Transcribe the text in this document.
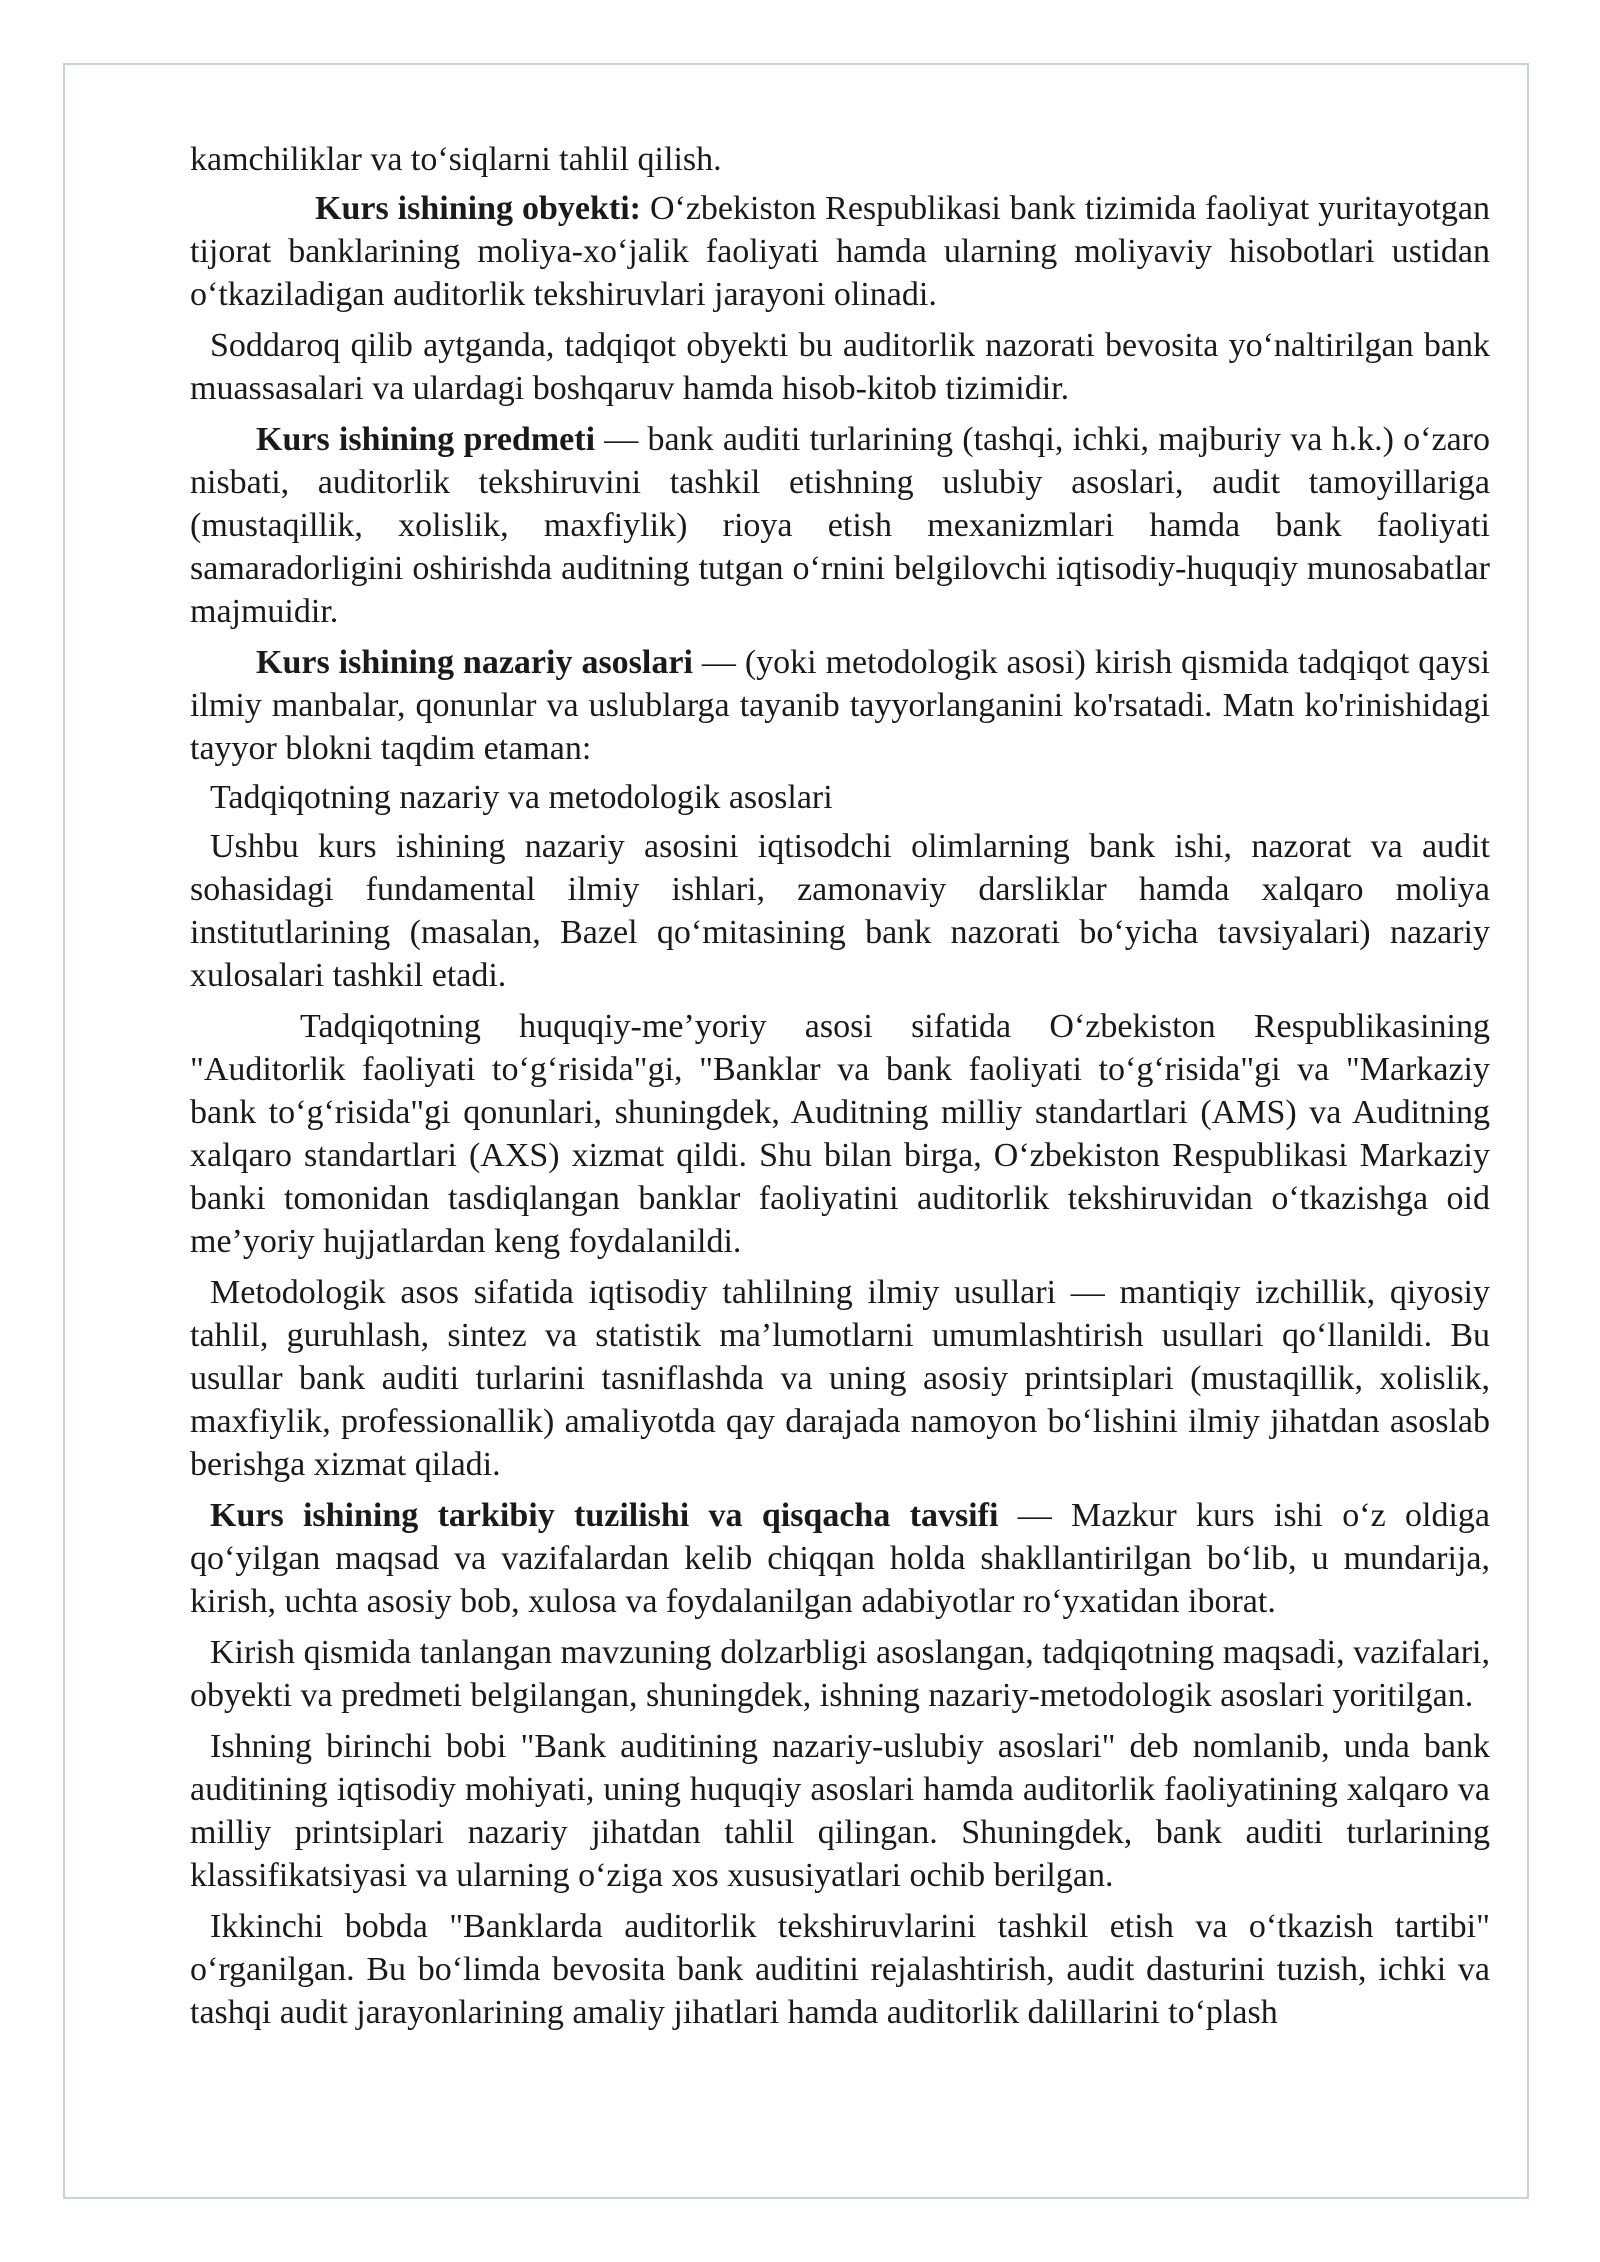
kamchiliklar va to‘siqlarni tahlil qilish.

Kurs ishining obyekti: O‘zbekiston Respublikasi bank tizimida faoliyat yuritayotgan tijorat banklarining moliya-xo‘jalik faoliyati hamda ularning moliyaviy hisobotlari ustidan o‘tkaziladigan auditorlik tekshiruvlari jarayoni olinadi.

Soddaroq qilib aytganda, tadqiqot obyekti bu auditorlik nazorati bevosita yo‘naltirilgan bank muassasalari va ulardagi boshqaruv hamda hisob-kitob tizimidir.

Kurs ishining predmeti — bank auditi turlarining (tashqi, ichki, majburiy va h.k.) o‘zaro nisbati, auditorlik tekshiruvini tashkil etishning uslubiy asoslari, audit tamoyillariga (mustaqillik, xolislik, maxfiylik) rioya etish mexanizmlari hamda bank faoliyati samaradorligini oshirishda auditning tutgan o‘rnini belgilovchi iqtisodiy-huquqiy munosabatlar majmuidir.

Kurs ishining nazariy asoslari — (yoki metodologik asosi) kirish qismida tadqiqot qaysi ilmiy manbalar, qonunlar va uslublarga tayanib tayyorlanganini ko'rsatadi. Matn ko'rinishidagi tayyor blokni taqdim etaman:

Tadqiqotning nazariy va metodologik asoslari

Ushbu kurs ishining nazariy asosini iqtisodchi olimlarning bank ishi, nazorat va audit sohasidagi fundamental ilmiy ishlari, zamonaviy darsliklar hamda xalqaro moliya institutlarining (masalan, Bazel qo‘mitasining bank nazorati bo‘yicha tavsiyalari) nazariy xulosalari tashkil etadi.

Tadqiqotning huquqiy-me’yoriy asosi sifatida O‘zbekiston Respublikasining "Auditorlik faoliyati to‘g‘risida"gi, "Banklar va bank faoliyati to‘g‘risida"gi va "Markaziy bank to‘g‘risida"gi qonunlari, shuningdek, Auditning milliy standartlari (AMS) va Auditning xalqaro standartlari (AXS) xizmat qildi. Shu bilan birga, O‘zbekiston Respublikasi Markaziy banki tomonidan tasdiqlangan banklar faoliyatini auditorlik tekshiruvidan o‘tkazishga oid me’yoriy hujjatlardan keng foydalanildi.

Metodologik asos sifatida iqtisodiy tahlilning ilmiy usullari — mantiqiy izchillik, qiyosiy tahlil, guruhlash, sintez va statistik ma’lumotlarni umumlashtirish usullari qo‘llanildi. Bu usullar bank auditi turlarini tasniflashda va uning asosiy printsiplari (mustaqillik, xolislik, maxfiylik, professionallik) amaliyotda qay darajada namoyon bo‘lishini ilmiy jihatdan asoslab berishga xizmat qiladi.

Kurs ishining tarkibiy tuzilishi va qisqacha tavsifi — Mazkur kurs ishi o‘z oldiga qo‘yilgan maqsad va vazifalardan kelib chiqqan holda shakllantirilgan bo‘lib, u mundarija, kirish, uchta asosiy bob, xulosa va foydalanilgan adabiyotlar ro‘yxatidan iborat.

Kirish qismida tanlangan mavzuning dolzarbligi asoslangan, tadqiqotning maqsadi, vazifalari, obyekti va predmeti belgilangan, shuningdek, ishning nazariy-metodologik asoslari yoritilgan.

Ishning birinchi bobi "Bank auditining nazariy-uslubiy asoslari" deb nomlanib, unda bank auditining iqtisodiy mohiyati, uning huquqiy asoslari hamda auditorlik faoliyatining xalqaro va milliy printsiplari nazariy jihatdan tahlil qilingan. Shuningdek, bank auditi turlarining klassifikatsiyasi va ularning o‘ziga xos xususiyatlari ochib berilgan.

Ikkinchi bobda "Banklarda auditorlik tekshiruvlarini tashkil etish va o‘tkazish tartibi" o‘rganilgan. Bu bo‘limda bevosita bank auditini rejalashtirish, audit dasturini tuzish, ichki va tashqi audit jarayonlarining amaliy jihatlari hamda auditorlik dalillarini to‘plash
